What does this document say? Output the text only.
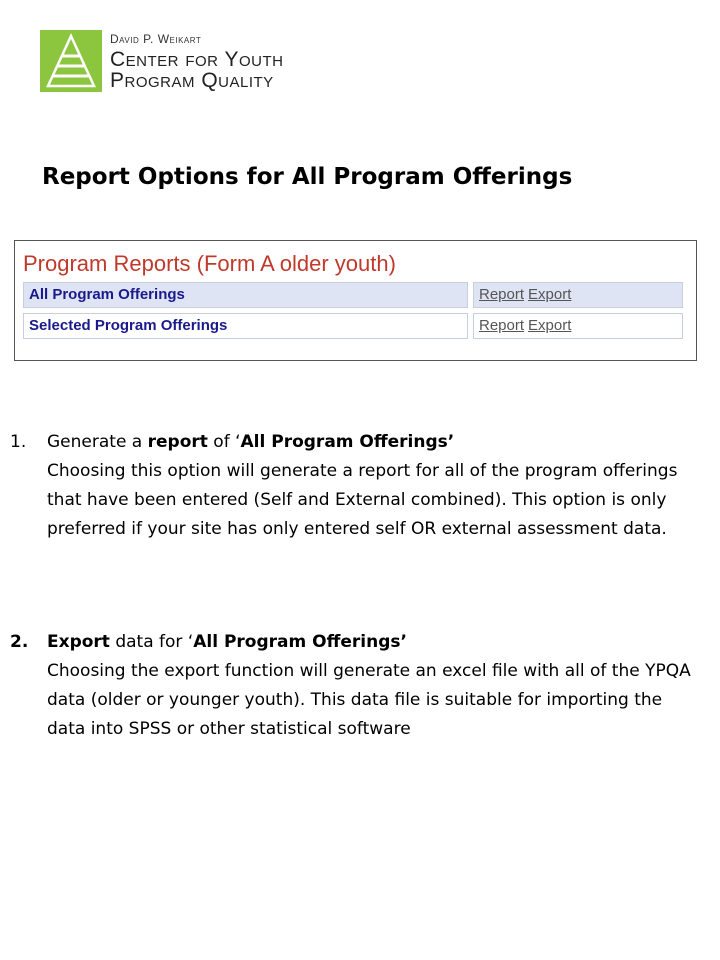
David P. Weikart
Center for Youth
Program Quality
Report Options for All Program Offerings
Program Reports (Form A older youth)
All Program Offerings	Report Export
Selected Program Offerings	Report Export
1.	Generate a report of ‘All Program Offerings’
Choosing this option will generate a report for all of the program offerings that have been entered (Self and External combined). This option is only preferred if your site has only entered self OR external assessment data.
2.	Export data for ‘All Program Offerings’
Choosing the export function will generate an excel file with all of the YPQA data (older or younger youth). This data file is suitable for importing the data into SPSS or other statistical software
